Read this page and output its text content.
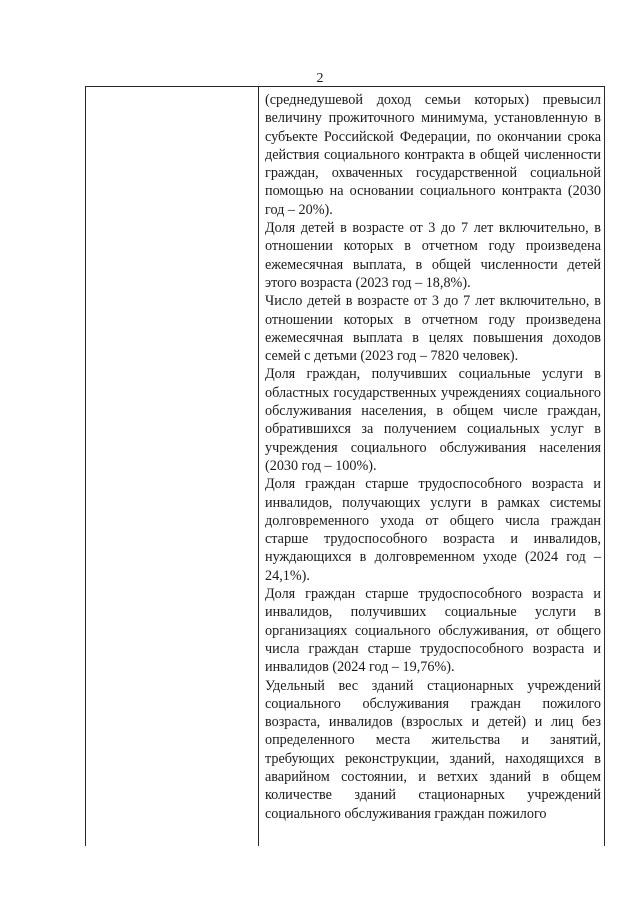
2

(среднедушевой доход семьи которых) превысил величину прожиточного минимума, установленную в субъекте Российской Федерации, по окончании срока действия социального контракта в общей численности граждан, охваченных государственной социальной помощью на основании социального контракта (2030 год – 20%).

Доля детей в возрасте от 3 до 7 лет включительно, в отношении которых в отчетном году произведена ежемесячная выплата, в общей численности детей этого возраста (2023 год – 18,8%).

Число детей в возрасте от 3 до 7 лет включительно, в отношении которых в отчетном году произведена ежемесячная выплата в целях повышения доходов семей с детьми (2023 год – 7820 человек).

Доля граждан, получивших социальные услуги в областных государственных учреждениях социального обслуживания населения, в общем числе граждан, обратившихся за получением социальных услуг в учреждения социального обслуживания населения (2030 год – 100%).

Доля граждан старше трудоспособного возраста и инвалидов, получающих услуги в рамках системы долговременного ухода от общего числа граждан старше трудоспособного возраста и инвалидов, нуждающихся в долговременном уходе (2024 год – 24,1%).

Доля граждан старше трудоспособного возраста и инвалидов, получивших социальные услуги в организациях социального обслуживания, от общего числа граждан старше трудоспособного возраста и инвалидов (2024 год – 19,76%).

Удельный вес зданий стационарных учреждений социального обслуживания граждан пожилого возраста, инвалидов (взрослых и детей) и лиц без определенного места жительства и занятий, требующих реконструкции, зданий, находящихся в аварийном состоянии, и ветхих зданий в общем количестве зданий стационарных учреждений социального обслуживания граждан пожилого
